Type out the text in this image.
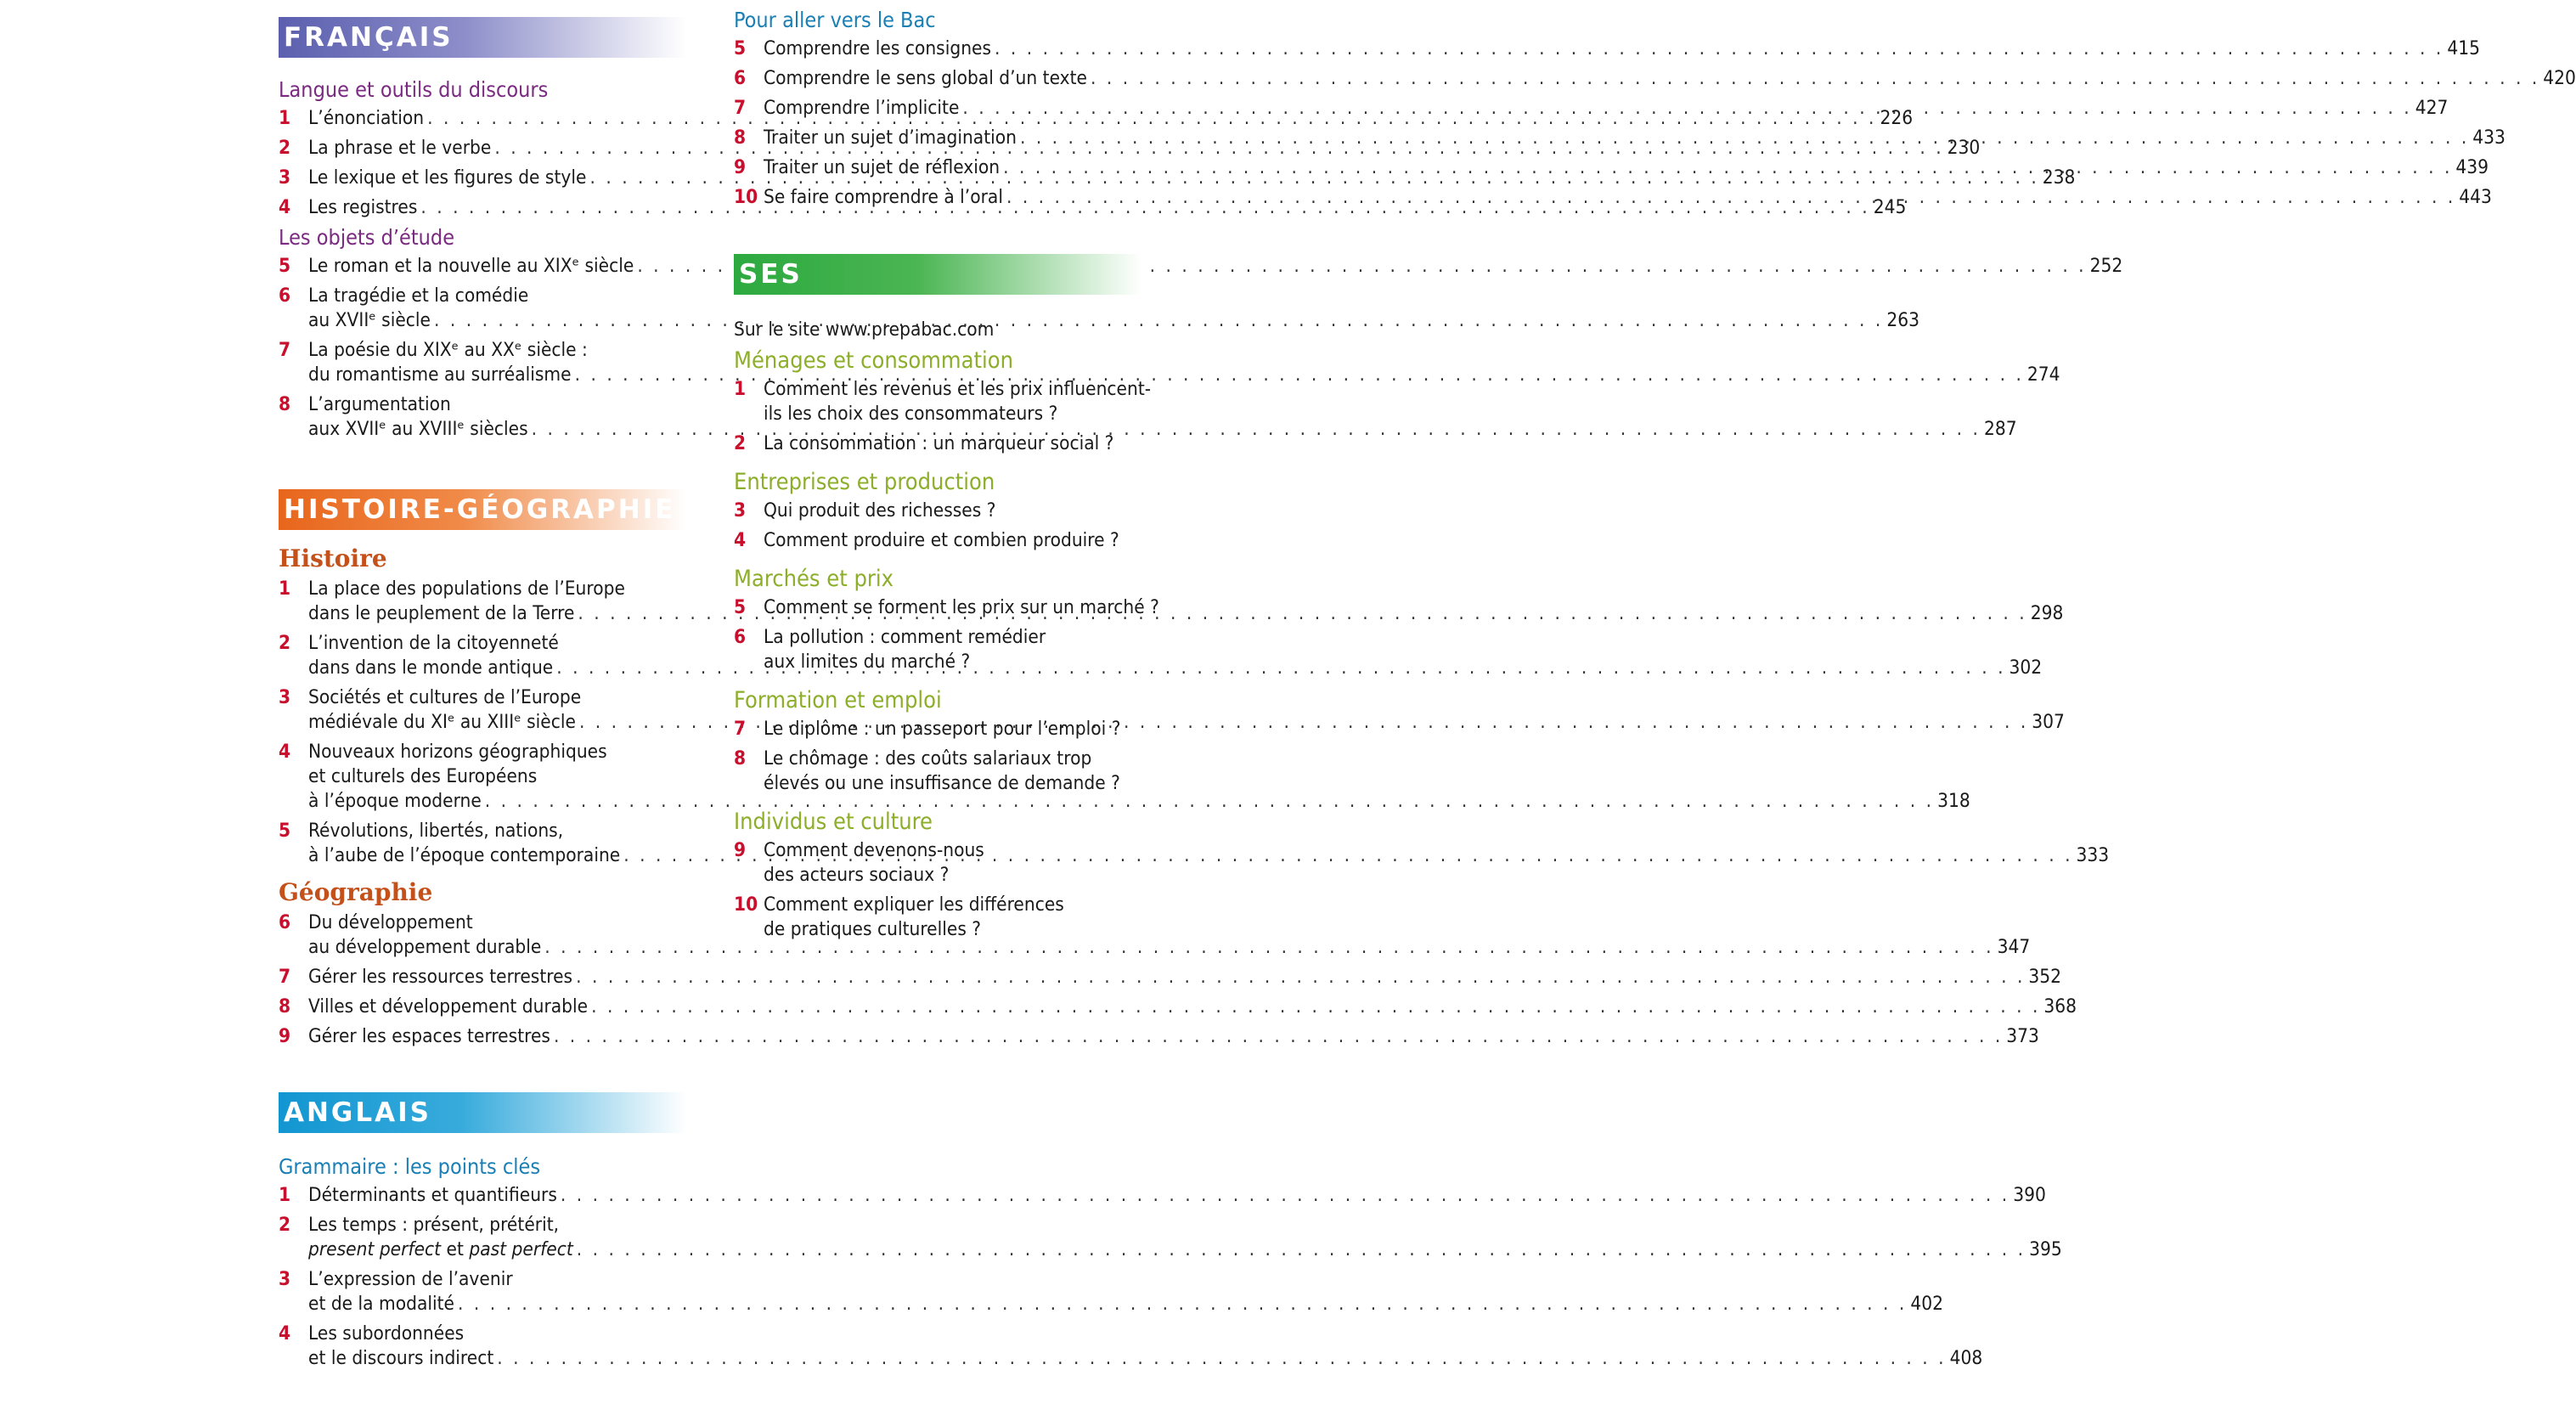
FRANÇAIS
Langue et outils du discours
1 L’énonciation . . .	226
2 La phrase et le verbe . . .	230
3 Le lexique et les figures de style . . .	238
4 Les registres . . .	245
Les objets d’étude
5 Le roman et la nouvelle au XIXᵉ siècle . . .	252
6 La tragédie et la comédie
au XVIIᵉ siècle . . .	263
7 La poésie du XIXᵉ au XXᵉ siècle :
du romantisme au surréalisme . . .	274
8 L’argumentation
aux XVIIᵉ au XVIIIᵉ siècles . . .	287
HISTOIRE-GÉOGRAPHIE
Histoire
1 La place des populations de l’Europe
dans le peuplement de la Terre . . .	298
2 L’invention de la citoyenneté
dans dans le monde antique . . .	302
3 Sociétés et cultures de l’Europe
médiévale du XIᵉ au XIIIᵉ siècle . . .	307
4 Nouveaux horizons géographiques
et culturels des Européens
à l’époque moderne . . .	318
5 Révolutions, libertés, nations,
à l’aube de l’époque contemporaine . . .	333
Géographie
6 Du développement
au développement durable . . .	347
7 Gérer les ressources terrestres . . .	352
8 Villes et développement durable . . .	368
9 Gérer les espaces terrestres . . .	373
ANGLAIS
Grammaire : les points clés
1 Déterminants et quantifieurs . . .	390
2 Les temps : présent, prétérit,
present perfect et past perfect . . .	395
3 L’expression de l’avenir
et de la modalité . . .	402
4 Les subordonnées
et le discours indirect . . .	408
Pour aller vers le Bac
5 Comprendre les consignes . . .	415
6 Comprendre le sens global d’un texte . . .	420
7 Comprendre l’implicite . . .	427
8 Traiter un sujet d’imagination . . .	433
9 Traiter un sujet de réflexion . . .	439
10 Se faire comprendre à l’oral . . .	443
SES
Sur le site www.prepabac.com
Ménages et consommation
1 Comment les revenus et les prix influencent-
ils les choix des consommateurs ?
2 La consommation : un marqueur social ?
Entreprises et production
3 Qui produit des richesses ?
4 Comment produire et combien produire ?
Marchés et prix
5 Comment se forment les prix sur un marché ?
6 La pollution : comment remédier
aux limites du marché ?
Formation et emploi
7 Le diplôme : un passeport pour l’emploi ?
8 Le chômage : des coûts salariaux trop
élevés ou une insuffisance de demande ?
Individus et culture
9 Comment devenons-nous
des acteurs sociaux ?
10 Comment expliquer les différences
de pratiques culturelles ?
